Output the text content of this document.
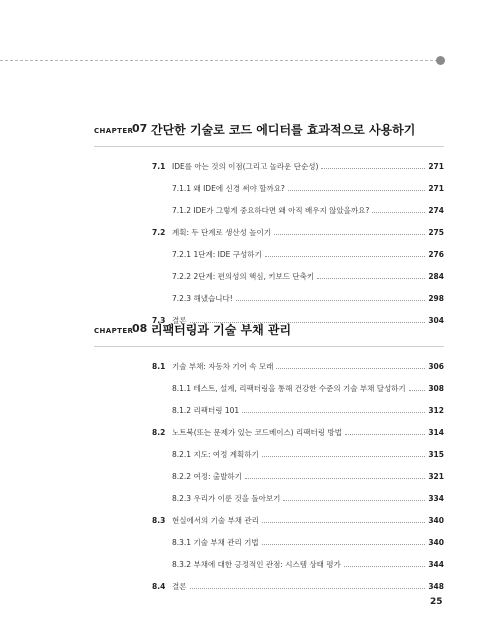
CHAPTER
07 간단한 기술로 코드 에디터를 효과적으로 사용하기
7.1 IDE를 아는 것의 이점(그리고 놀라운 단순성)	271
7.1.1 왜 IDE에 신경 써야 할까요?	271
7.1.2 IDE가 그렇게 중요하다면 왜 아직 배우지 않았을까요?	274
7.2 계획: 두 단계로 생산성 높이기	275
7.2.1 1단계: IDE 구성하기	276
7.2.2 2단계: 편의성의 핵심, 키보드 단축키	284
7.2.3 해냈습니다!	298
7.3 결론	304
CHAPTER
08 리팩터링과 기술 부채 관리
8.1 기술 부채: 자동차 기어 속 모래	306
8.1.1 테스트, 설계, 리팩터링을 통해 건강한 수준의 기술 부채 달성하기	308
8.1.2 리팩터링 101	312
8.2 노트북(또는 문제가 있는 코드베이스) 리팩터링 방법	314
8.2.1 지도: 여정 계획하기	315
8.2.2 여정: 출발하기	321
8.2.3 우리가 이룬 것을 돌아보기	334
8.3 현실에서의 기술 부채 관리	340
8.3.1 기술 부채 관리 기법	340
8.3.2 부채에 대한 긍정적인 관점: 시스템 상태 평가	344
8.4 결론	348
25
